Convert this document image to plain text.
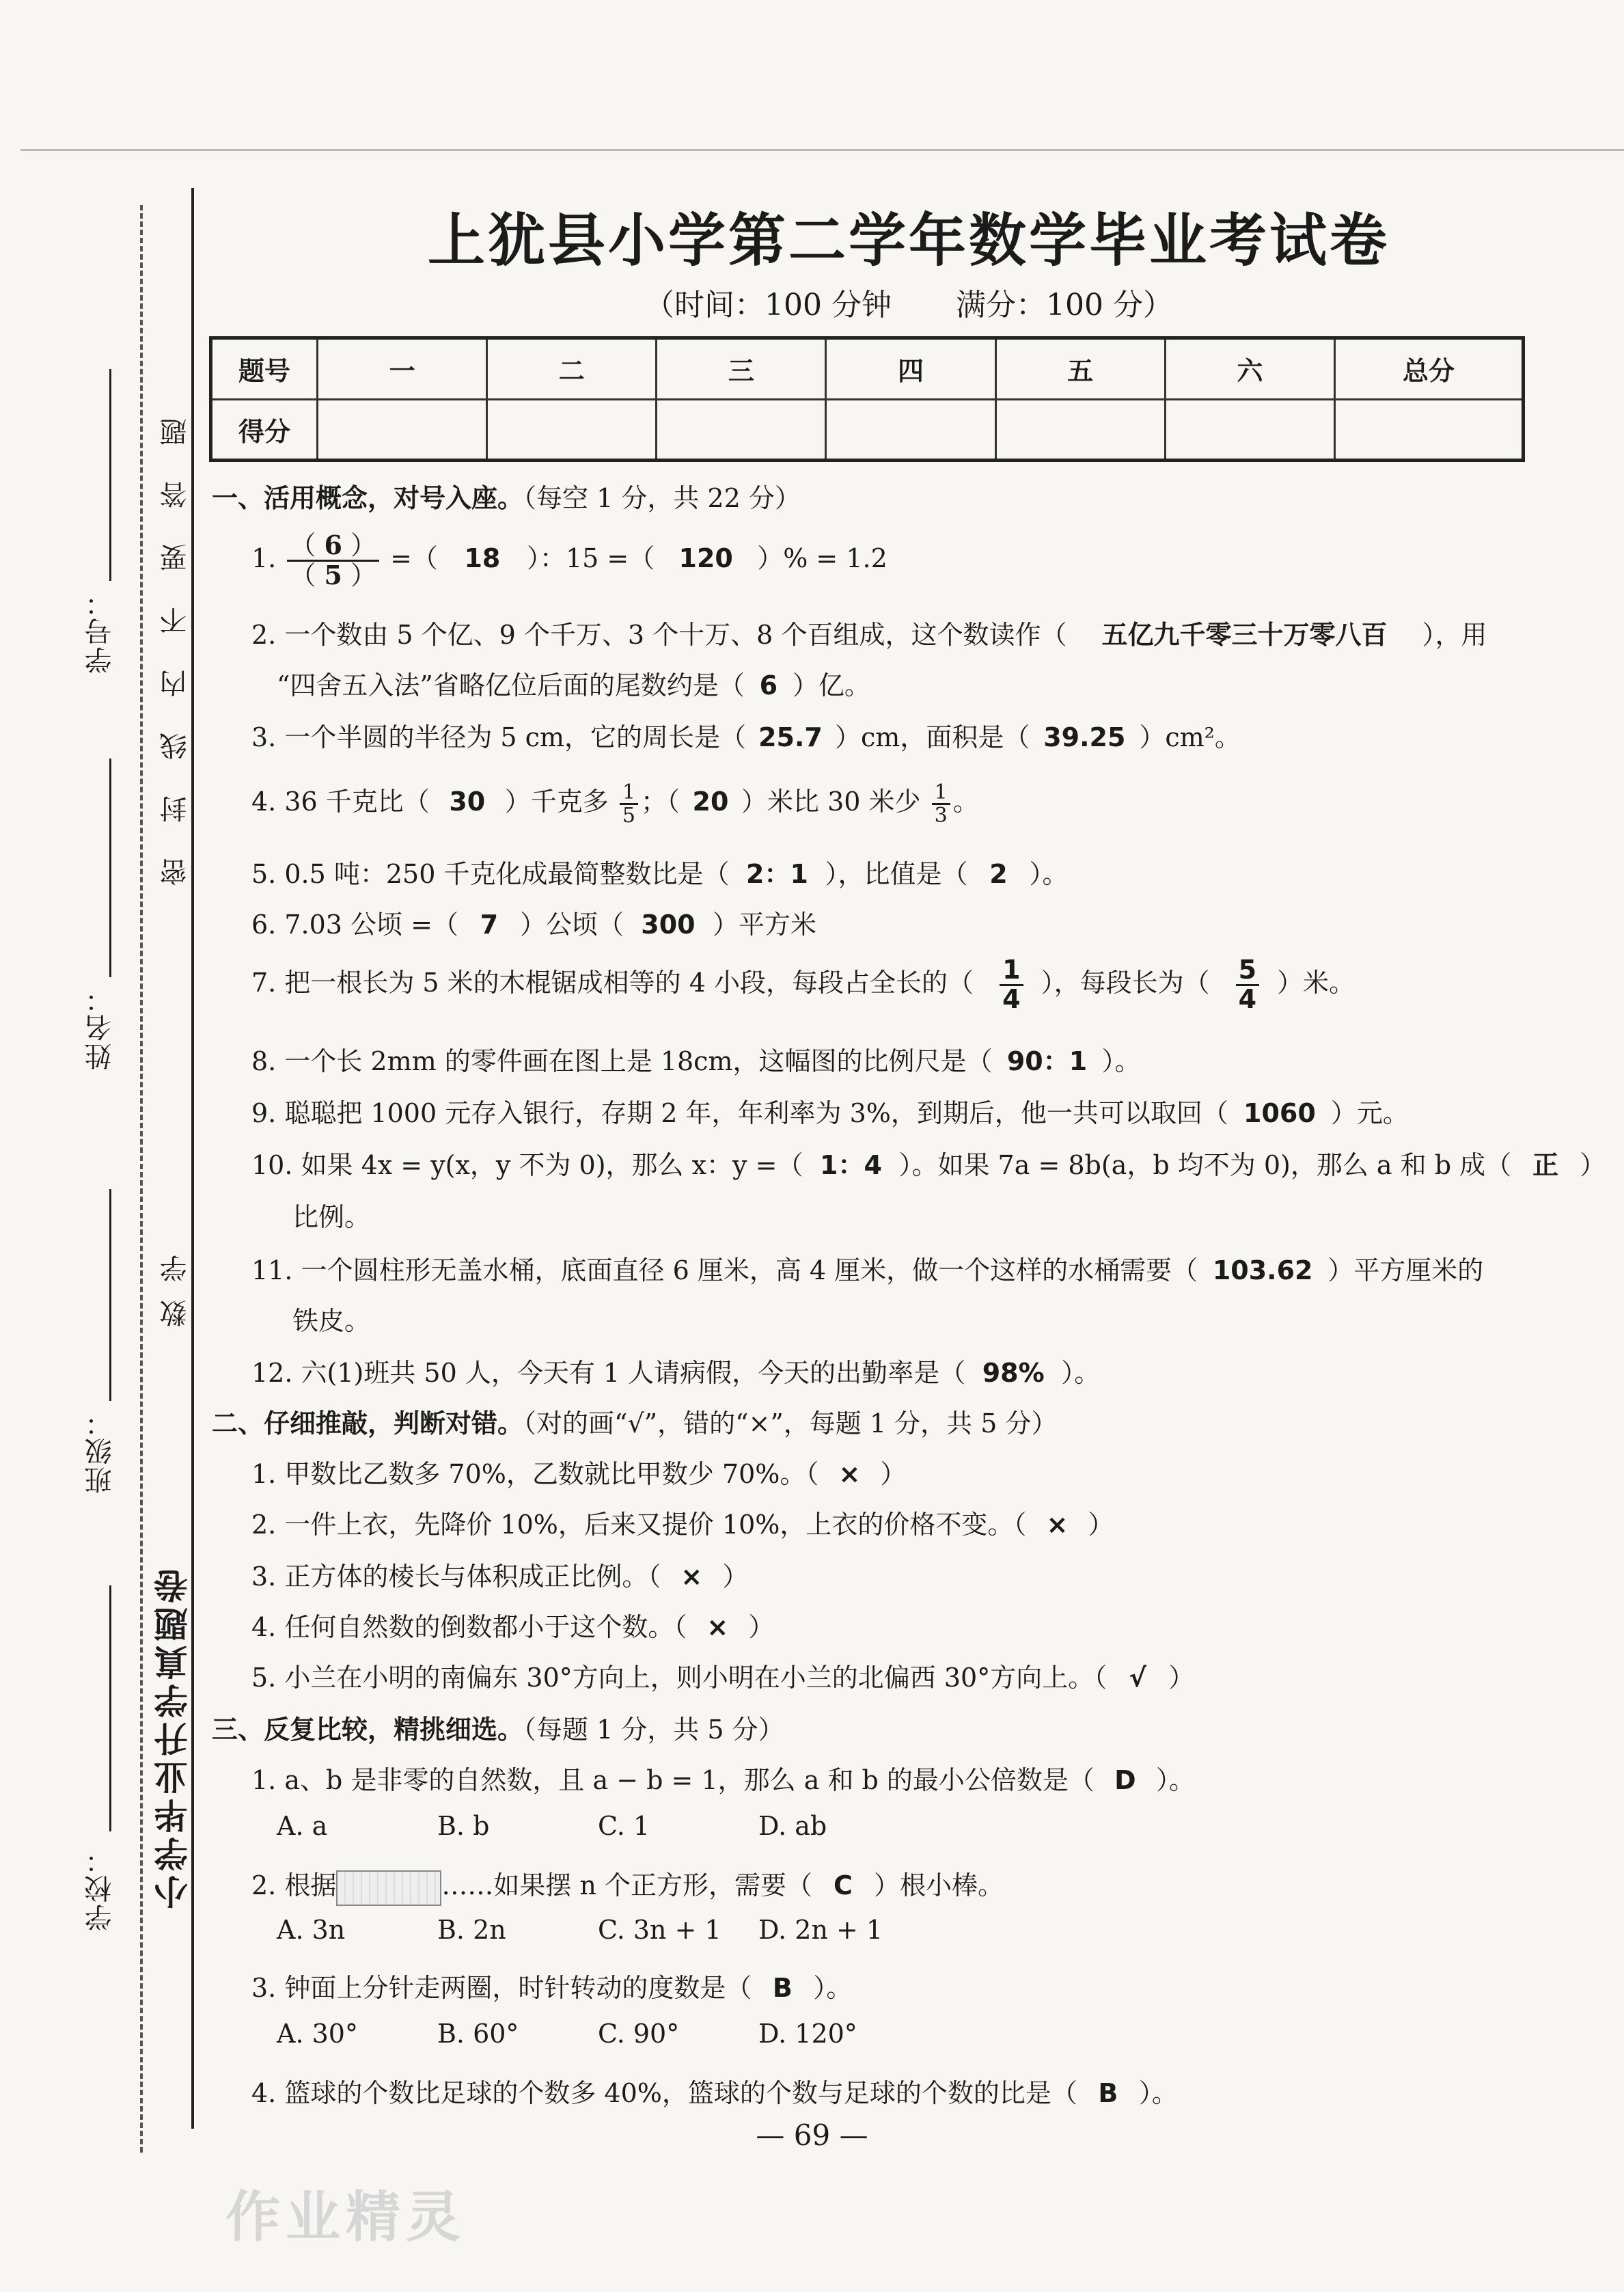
学校：
班级：
姓名：
学号： 密封线内不要答题
数学
小学毕业升学真题卷
上犹县小学第二学年数学毕业考试卷
（时间：100 分钟 满分：100 分）
题号	一	二	三	四	五	六	总分
得分							
一、活用概念，对号入座。（每空 1 分，共 22 分）
1. $\frac{( 6 )}{( 5 )}$ =（ 18 ）：15 =（ 120 ）% = 1.2
2. 一个数由 5 个亿、9 个千万、3 个十万、8 个百组成，这个数读作（ 五亿九千零三十万零八百 ），用
“四舍五入法”省略亿位后面的尾数约是（ 6 ）亿。
3. 一个半圆的半径为 5 cm，它的周长是（ 25.7 ）cm，面积是（ 39.25 ）cm²。
4. 36 千克比（ 30 ）千克多 $\frac{1}{5}$ ；（ 20 ）米比 30 米少 $\frac{1}{3}$ 。
5. 0.5 吨：250 千克化成最简整数比是（ 2：1 ），比值是（ 2 ）。
6. 7.03 公顷 =（ 7 ）公顷（ 300 ）平方米
7. 把一根长为 5 米的木棍锯成相等的 4 小段，每段占全长的（ $\frac{1}{4}$ ），每段长为（ $\frac{5}{4}$ ）米。
8. 一个长 2mm 的零件画在图上是 18cm，这幅图的比例尺是（ 90：1 ）。
9. 聪聪把 1000 元存入银行，存期 2 年，年利率为 3%，到期后，他一共可以取回（ 1060 ）元。
10. 如果 4x = y(x，y 不为 0)，那么 x：y =（ 1：4 ）。如果 7a = 8b(a，b 均不为 0)，那么 a 和 b 成（ 正 ）
比例。
11. 一个圆柱形无盖水桶，底面直径 6 厘米，高 4 厘米，做一个这样的水桶需要（ 103.62 ）平方厘米的
铁皮。
12. 六(1)班共 50 人，今天有 1 人请病假，今天的出勤率是（ 98% ）。
二、仔细推敲，判断对错。（对的画“√”，错的“×”，每题 1 分，共 5 分）
1. 甲数比乙数多 70%，乙数就比甲数少 70%。（ × ）
2. 一件上衣，先降价 10%，后来又提价 10%，上衣的价格不变。（ × ）
3. 正方体的棱长与体积成正比例。（ × ）
4. 任何自然数的倒数都小于这个数。（ × ）
5. 小兰在小明的南偏东 30°方向上，则小明在小兰的北偏西 30°方向上。（ √ ）
三、反复比较，精挑细选。（每题 1 分，共 5 分）
1. a、b 是非零的自然数，且 a − b = 1，那么 a 和 b 的最小公倍数是（ D ）。
A. a	B. b	C. 1	D. ab
2. 根据	……如果摆 n 个正方形，需要（ C ）根小棒。
A. 3n	B. 2n	C. 3n + 1 D. 2n + 1
3. 钟面上分针走两圈，时针转动的度数是（ B ）。
A. 30°	B. 60°	C. 90°	D. 120°
4. 篮球的个数比足球的个数多 40%，篮球的个数与足球的个数的比是（ B ）。
— 69 —
作业精灵
